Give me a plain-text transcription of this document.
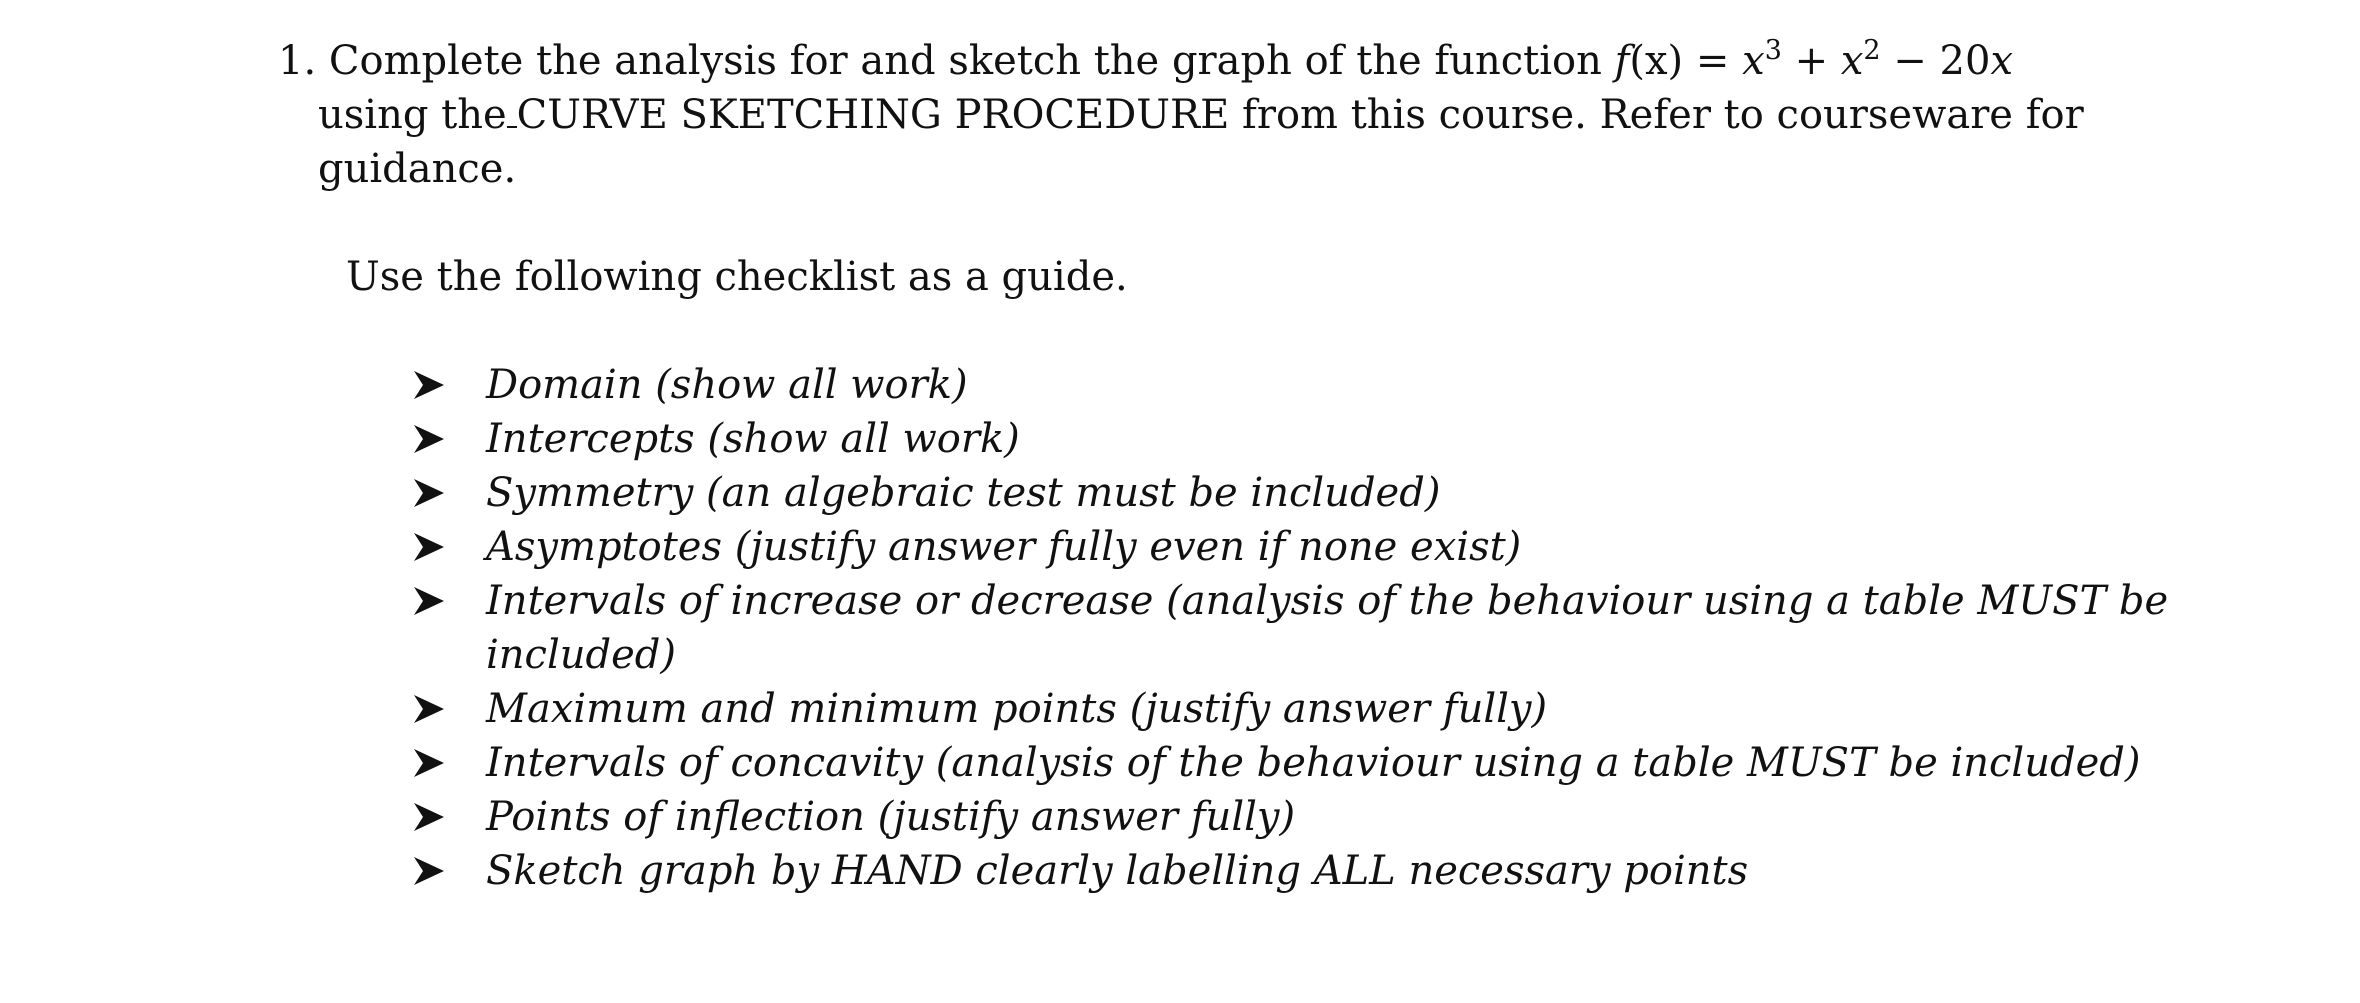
1. Complete the analysis for and sketch the graph of the function $f(x) = x^3 + x^2 - 20x$
using the CURVE SKETCHING PROCEDURE from this course. Refer to courseware for
guidance.
Use the following checklist as a guide.
Domain (show all work)
Intercepts (show all work)
Symmetry (an algebraic test must be included)
Asymptotes (justify answer fully even if none exist)
Intervals of increase or decrease (analysis of the behaviour using a table MUST be
included)
Maximum and minimum points (justify answer fully)
Intervals of concavity (analysis of the behaviour using a table MUST be included)
Points of inflection (justify answer fully)
Sketch graph by HAND clearly labelling ALL necessary points
